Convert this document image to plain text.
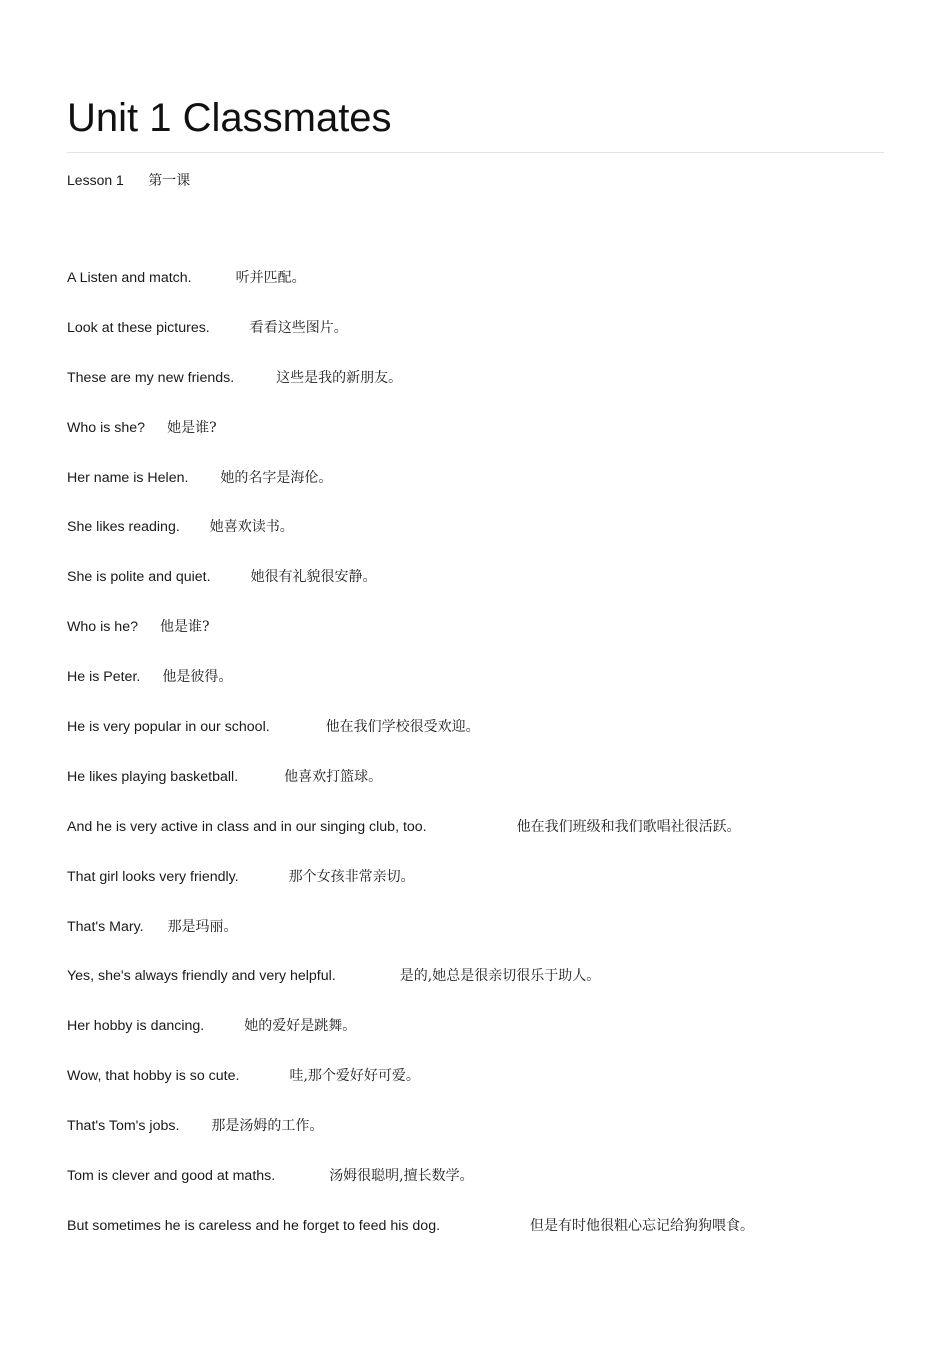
Unit 1 Classmates
Lesson 1 第一课
A Listen and match.	听并匹配。
Look at these pictures.	看看这些图片。
These are my new friends.	这些是我的新朋友。
Who is she? 她是谁?
Her name is Helen. 她的名字是海伦。
She likes reading. 她喜欢读书。
She is polite and quiet.	她很有礼貌很安静。
Who is he? 他是谁?
He is Peter. 他是彼得。
He is very popular in our school.	他在我们学校很受欢迎。
He likes playing basketball.	他喜欢打篮球。
And he is very active in class and in our singing club, too.	他在我们班级和我们歌唱社很活跃。
That girl looks very friendly.	那个女孩非常亲切。
That's Mary. 那是玛丽。
Yes, she's always friendly and very helpful.	是的,她总是很亲切很乐于助人。
Her hobby is dancing.	她的爱好是跳舞。
Wow, that hobby is so cute.	哇,那个爱好好可爱。
That's Tom's jobs. 那是汤姆的工作。
Tom is clever and good at maths.	汤姆很聪明,擅长数学。
But sometimes he is careless and he forget to feed his dog.	但是有时他很粗心忘记给狗狗喂食。
